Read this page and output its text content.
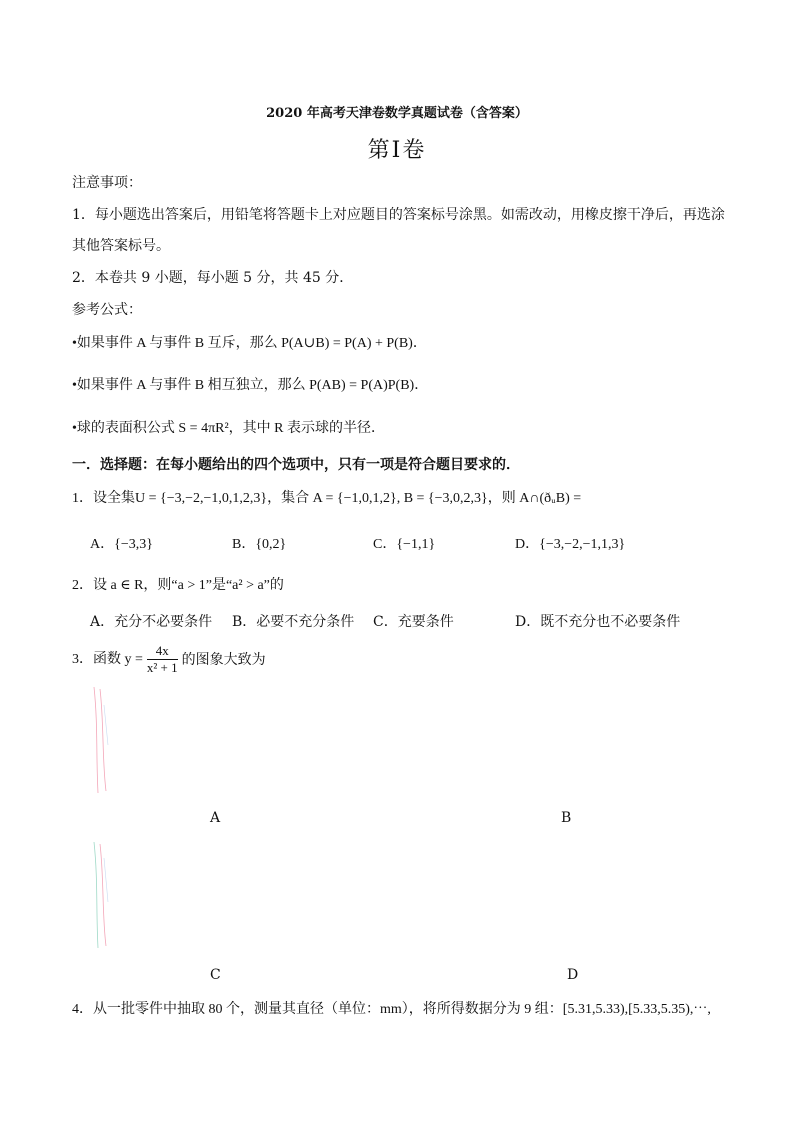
2020 年高考天津卷数学真题试卷（含答案）
第Ⅰ卷
注意事项：
1．每小题选出答案后，用铅笔将答题卡上对应题目的答案标号涂黑。如需改动，用橡皮擦干净后，再选涂
其他答案标号。
2．本卷共 9 小题，每小题 5 分，共 45 分．
参考公式：
•如果事件 A 与事件 B 互斥，那么 P(A∪B) = P(A) + P(B)．
•如果事件 A 与事件 B 相互独立，那么 P(AB) = P(A)P(B)．
•球的表面积公式 S = 4πR²，其中 R 表示球的半径．
一．选择题：在每小题给出的四个选项中，只有一项是符合题目要求的．
1．设全集U = {−3,−2,−1,0,1,2,3}，集合 A = {−1,0,1,2}, B = {−3,0,2,3}，则 A∩(ðᵤB) =
A．{−3,3}	B．{0,2}	C．{−1,1}	D．{−3,−2,−1,1,3}
2．设 a ∈ R，则“a > 1”是“a² > a”的
A．充分不必要条件 B．必要不充分条件 C．充要条件	D．既不充分也不必要条件
3．函数 $y = \frac{4x}{\text{x² + 1}}$ 的图象大致为
A	B
C	D
4．从一批零件中抽取 80 个，测量其直径（单位：mm），将所得数据分为 9 组：[5.31,5.33),[5.33,5.35),⋯,
